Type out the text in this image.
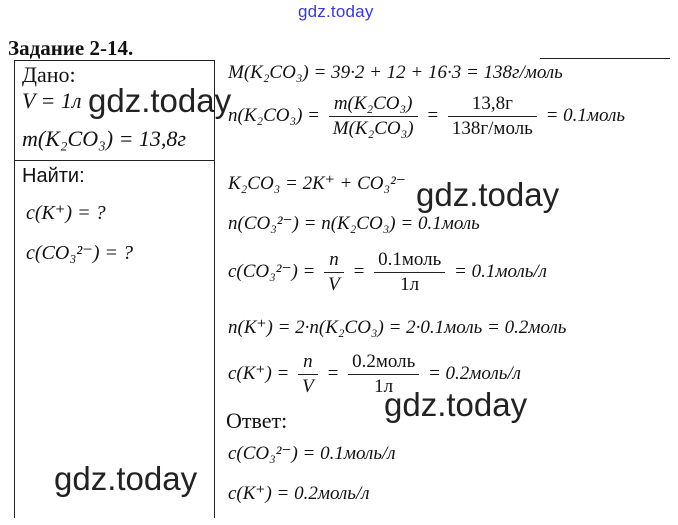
gdz.today
Задание 2-14.
Дано:
V = 1л
m(K₂CO₃) = 13,8г
Найти:
c(K⁺) = ?
c(CO₃²⁻) = ?
M(K₂CO₃) = 39·2 + 12 + 16·3 = 138г/моль
$n(K_2CO_3) = \frac{\text{m(K₂CO₃)}}{\text{M(K₂CO₃)}} = \frac{13,8г}{\text{138г/моль}}$ = 0.1моль
K₂CO₃ = 2K⁺ + CO₃²⁻
n(CO₃²⁻) = n(K₂CO₃) = 0.1моль
$c(CO_3^{2-}) = \frac{n}{V} = \frac{\text{0.1моль}}{1л}$ = 0.1моль/л
n(K⁺) = 2·n(K₂CO₃) = 2·0.1моль = 0.2моль
$c(K^+) = \frac{n}{V} = \frac{\text{0.2моль}}{1л}$ = 0.2моль/л
Ответ:
c(CO₃²⁻) = 0.1моль/л
c(K⁺) = 0.2моль/л
gdz.today
gdz.today
gdz.today
gdz.today
